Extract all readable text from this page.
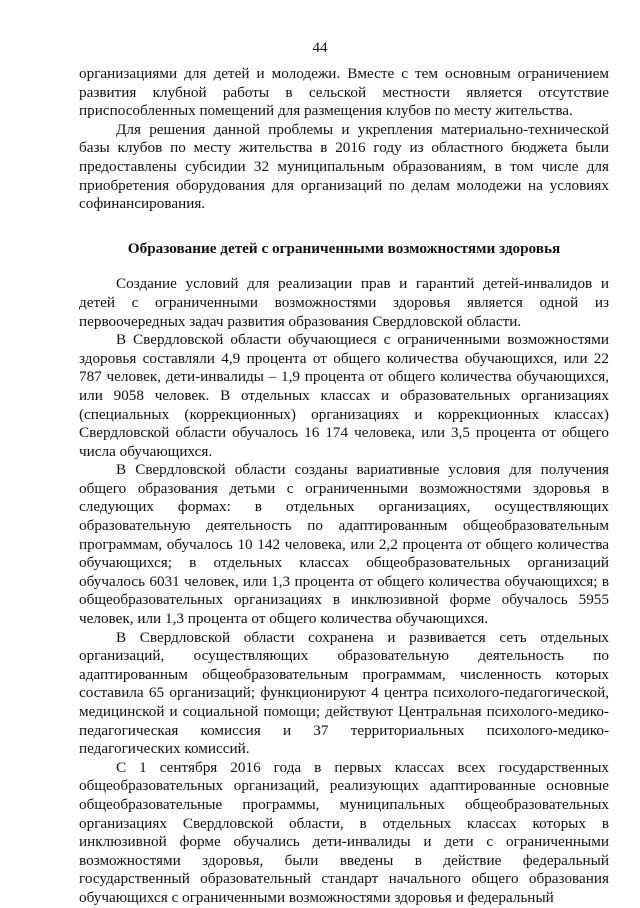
44

организациями для детей и молодежи. Вместе с тем основным ограничением развития клубной работы в сельской местности является отсутствие приспособленных помещений для размещения клубов по месту жительства.

Для решения данной проблемы и укрепления материально-технической базы клубов по месту жительства в 2016 году из областного бюджета были предоставлены субсидии 32 муниципальным образованиям, в том числе для приобретения оборудования для организаций по делам молодежи на условиях софинансирования.

Образование детей с ограниченными возможностями здоровья

Создание условий для реализации прав и гарантий детей-инвалидов и детей с ограниченными возможностями здоровья является одной из первоочередных задач развития образования Свердловской области.

В Свердловской области обучающиеся с ограниченными возможностями здоровья составляли 4,9 процента от общего количества обучающихся, или 22 787 человек, дети-инвалиды – 1,9 процента от общего количества обучающихся, или 9058 человек. В отдельных классах и образовательных организациях (специальных (коррекционных) организациях и коррекционных классах) Свердловской области обучалось 16 174 человека, или 3,5 процента от общего числа обучающихся.

В Свердловской области созданы вариативные условия для получения общего образования детьми с ограниченными возможностями здоровья в следующих формах: в отдельных организациях, осуществляющих образовательную деятельность по адаптированным общеобразовательным программам, обучалось 10 142 человека, или 2,2 процента от общего количества обучающихся; в отдельных классах общеобразовательных организаций обучалось 6031 человек, или 1,3 процента от общего количества обучающихся; в общеобразовательных организациях в инклюзивной форме обучалось 5955 человек, или 1,3 процента от общего количества обучающихся.

В Свердловской области сохранена и развивается сеть отдельных организаций, осуществляющих образовательную деятельность по адаптированным общеобразовательным программам, численность которых составила 65 организаций; функционируют 4 центра психолого-педагогической, медицинской и социальной помощи; действуют Центральная психолого-медико-педагогическая комиссия и 37 территориальных психолого-медико-педагогических комиссий.

С 1 сентября 2016 года в первых классах всех государственных общеобразовательных организаций, реализующих адаптированные основные общеобразовательные программы, муниципальных общеобразовательных организациях Свердловской области, в отдельных классах которых в инклюзивной форме обучались дети-инвалиды и дети с ограниченными возможностями здоровья, были введены в действие федеральный государственный образовательный стандарт начального общего образования обучающихся с ограниченными возможностями здоровья и федеральный
